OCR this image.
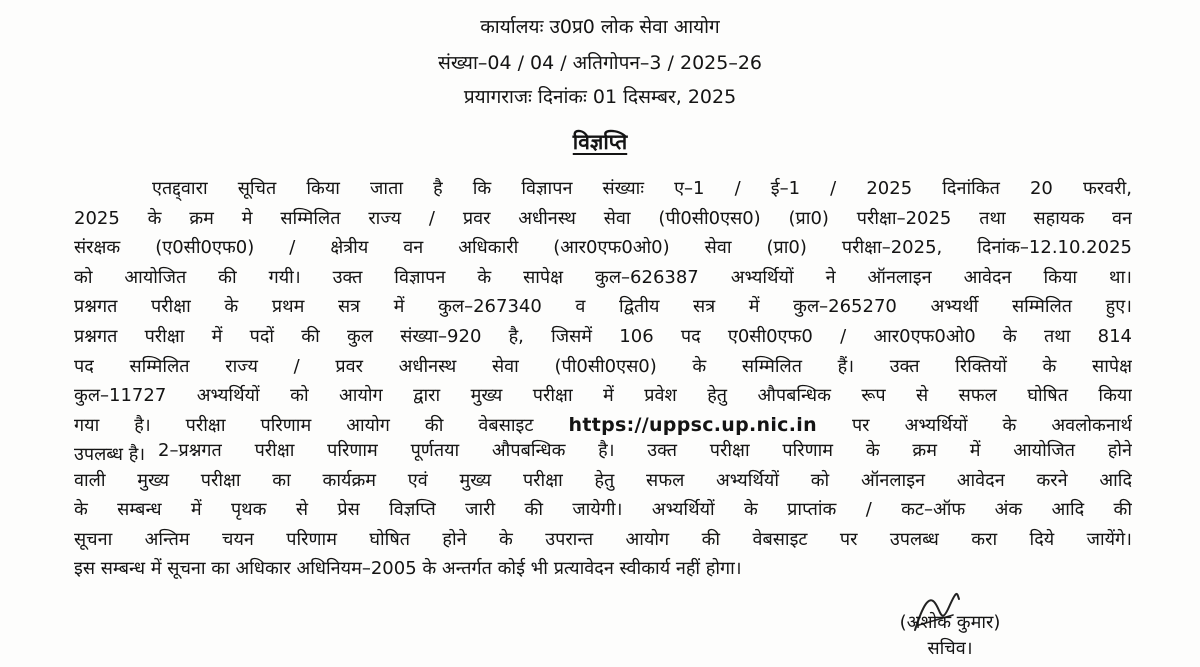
कार्यालयः उ0प्र0 लोक सेवा आयोग
संख्या–04 / 04 / अतिगोपन–3 / 2025–26
प्रयागराजः दिनांकः 01 दिसम्बर, 2025
विज्ञप्ति
एतद्द्वारा सूचित किया जाता है कि विज्ञापन संख्याः ए–1 / ई–1 / 2025 दिनांकित 20 फरवरी,
2025 के क्रम मे सम्मिलित राज्य / प्रवर अधीनस्थ सेवा (पी0सी0एस0) (प्रा0) परीक्षा–2025 तथा सहायक वन
संरक्षक (ए0सी0एफ0) / क्षेत्रीय वन अधिकारी (आर0एफ0ओ0) सेवा (प्रा0) परीक्षा–2025, दिनांक–12.10.2025
को आयोजित की गयी। उक्त विज्ञापन के सापेक्ष कुल–626387 अभ्यर्थियों ने ऑनलाइन आवेदन किया था।
प्रश्नगत परीक्षा के प्रथम सत्र में कुल–267340 व द्वितीय सत्र में कुल–265270 अभ्यर्थी सम्मिलित हुए।
प्रश्नगत परीक्षा में पदों की कुल संख्या–920 है, जिसमें 106 पद ए0सी0एफ0 / आर0एफ0ओ0 के तथा 814
पद सम्मिलित राज्य / प्रवर अधीनस्थ सेवा (पी0सी0एस0) के सम्मिलित हैं। उक्त रिक्तियों के सापेक्ष
कुल–11727 अभ्यर्थियों को आयोग द्वारा मुख्य परीक्षा में प्रवेश हेतु औपबन्धिक रूप से सफल घोषित किया
गया है। परीक्षा परिणाम आयोग की वेबसाइट https://uppsc.up.nic.in पर अभ्यर्थियों के अवलोकनार्थ
उपलब्ध है। 2–प्रश्नगत परीक्षा परिणाम पूर्णतया औपबन्धिक है। उक्त परीक्षा परिणाम के क्रम में आयोजित होने
वाली मुख्य परीक्षा का कार्यक्रम एवं मुख्य परीक्षा हेतु सफल अभ्यर्थियों को ऑनलाइन आवेदन करने आदि
के सम्बन्ध में पृथक से प्रेस विज्ञप्ति जारी की जायेगी। अभ्यर्थियों के प्राप्तांक / कट–ऑफ अंक आदि की
सूचना अन्तिम चयन परिणाम घोषित होने के उपरान्त आयोग की वेबसाइट पर उपलब्ध करा दिये जायेंगे।
इस सम्बन्ध में सूचना का अधिकार अधिनियम–2005 के अन्तर्गत कोई भी प्रत्यावेदन स्वीकार्य नहीं होगा।
(अशोक कुमार)
सचिव।
